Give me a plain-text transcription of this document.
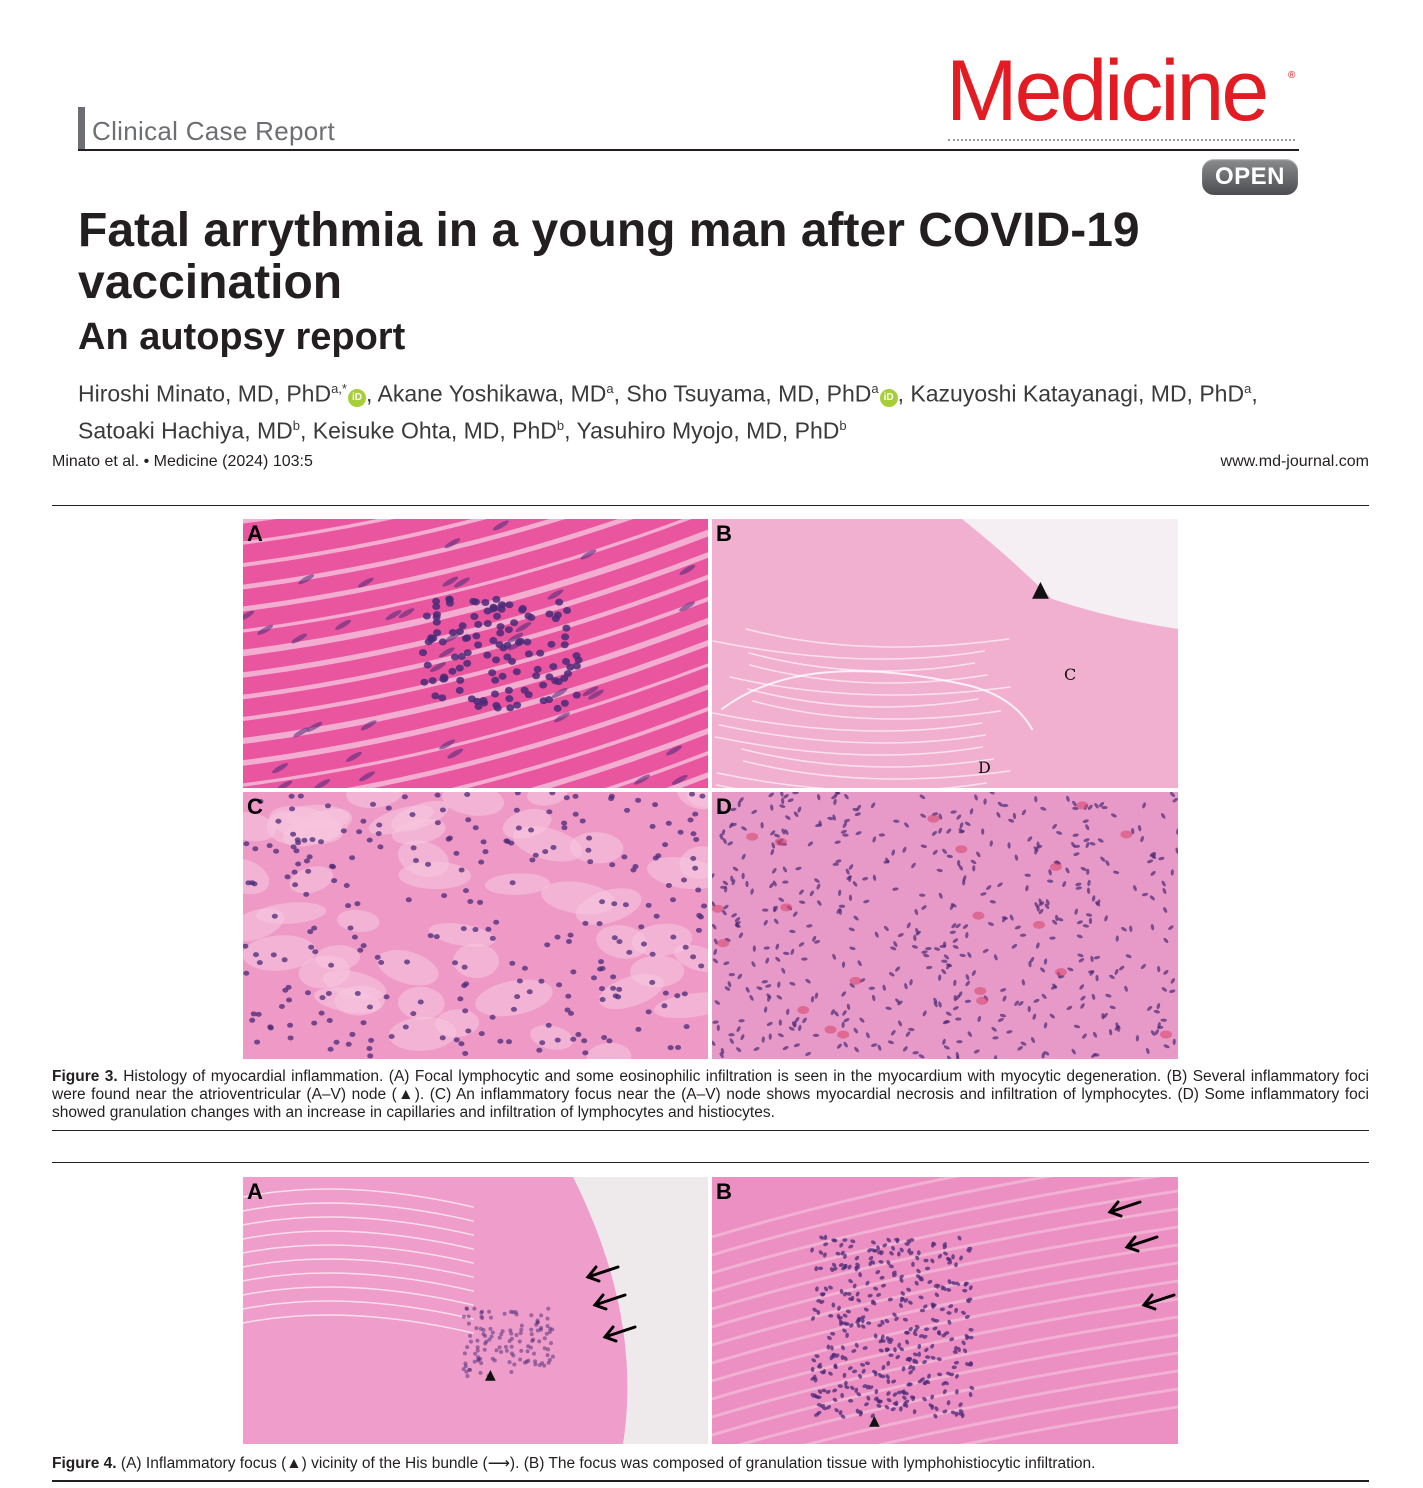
Clinical Case Report	Medicine ®
OPEN
Fatal arrythmia in a young man after COVID-19 vaccination
An autopsy report
Hiroshi Minato, MD, PhD$^{a,*}$iD , Akane Yoshikawa, $MD^a$, Sho Tsuyama, MD, PhD$^a$iD , Kazuyoshi Katayanagi, MD, PhD$^a$,
Satoaki Hachiya, $MD^b$, Keisuke Ohta, MD, PhD$^b$, Yasuhiro Myojo, MD, PhD$^b$
Minato et al. • Medicine (2024) 103:5	www.md-journal.com
A	B
▲
C
D
C	D
Figure 3. Histology of myocardial inflammation. (A) Focal lymphocytic and some eosinophilic infiltration is seen in the myocardium with myocytic degeneration. (B) Several inflammatory foci were found near the atrioventricular (A–V) node (▲). (C) An inflammatory focus near the (A–V) node shows myocardial necrosis and infiltration of lymphocytes. (D) Some inflammatory foci showed granulation changes with an increase in capillaries and infiltration of lymphocytes and histiocytes.
A
▲
B
▲
Figure 4. (A) Inflammatory focus (▲) vicinity of the His bundle (⟶). (B) The focus was composed of granulation tissue with lymphohistiocytic infiltration.
